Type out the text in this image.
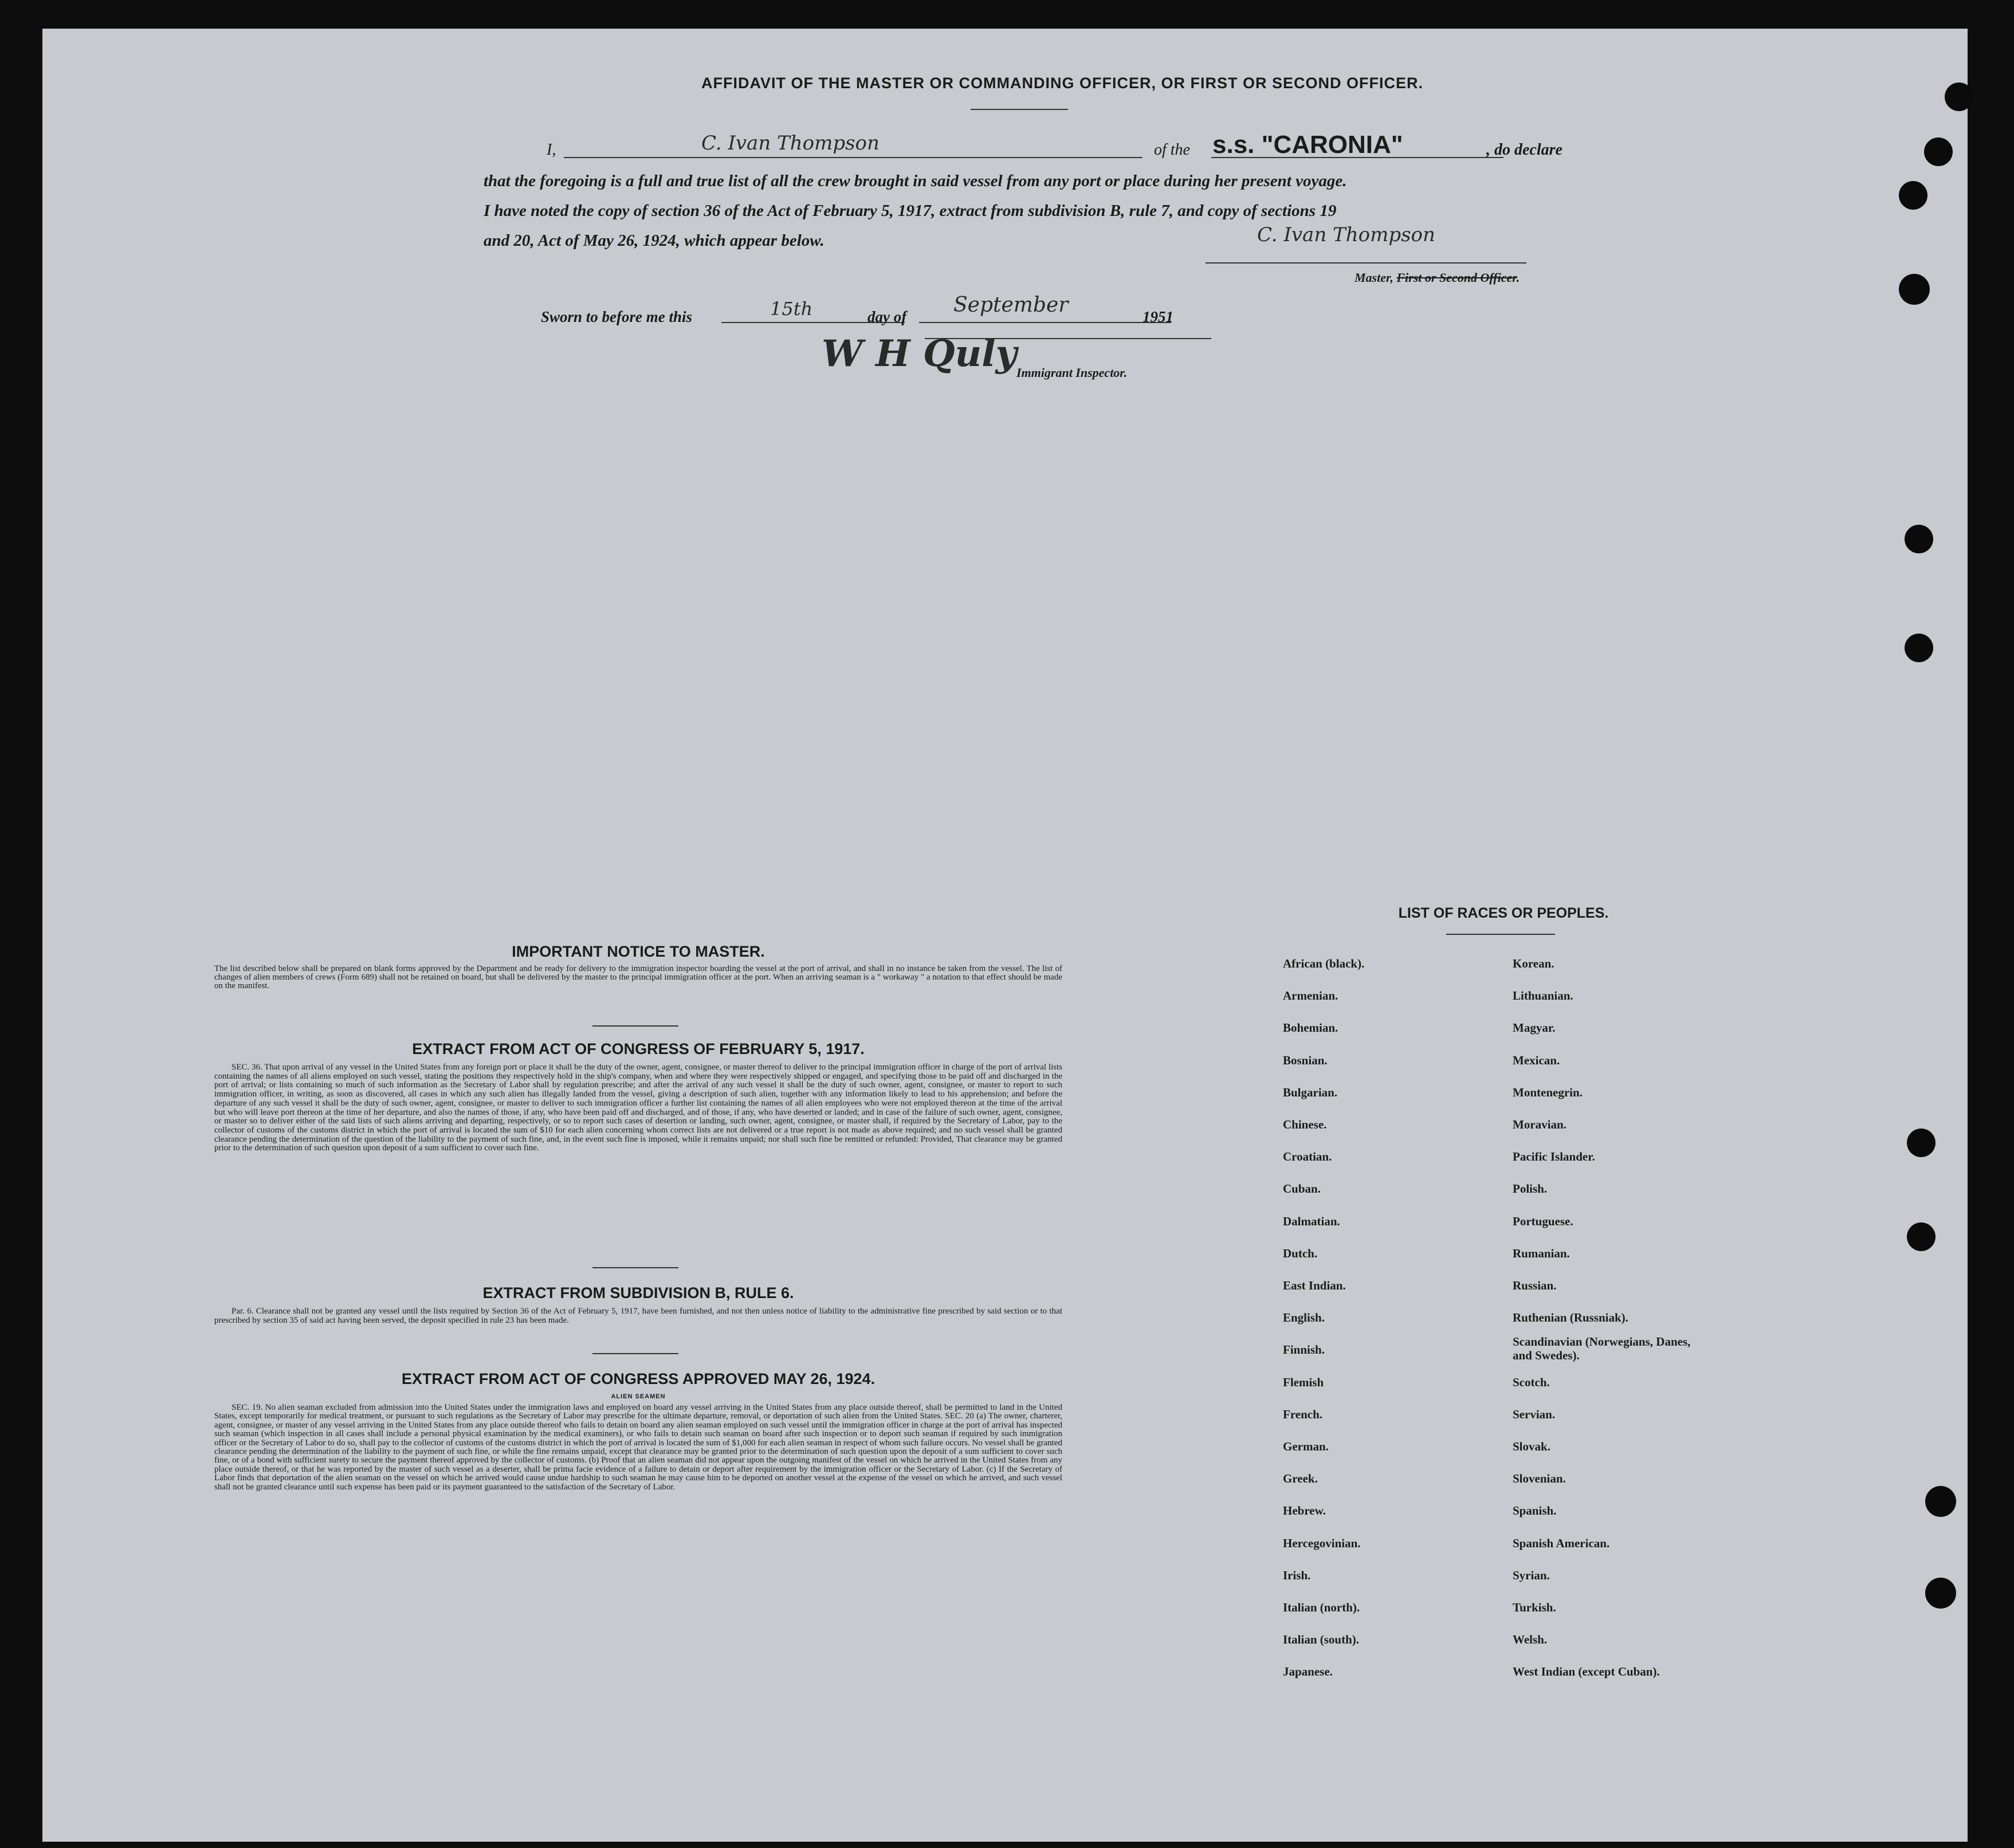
AFFIDAVIT OF THE MASTER OR COMMANDING OFFICER, OR FIRST OR SECOND OFFICER.
I,	C. Ivan Thompson	of the s.s. "CARONIA"	, do declare
that the foregoing is a full and true list of all the crew brought in said vessel from any port or place during her present voyage.
I have noted the copy of section 36 of the Act of February 5, 1917, extract from subdivision B, rule 7, and copy of sections 19
and 20, Act of May 26, 1924, which appear below.	C. Ivan Thompson
Master, First or Second Officer.
Sworn to before me this	15th	day of September	1951
W H Quly Immigrant Inspector.
IMPORTANT NOTICE TO MASTER.
The list described below shall be prepared on blank forms approved by the Department and be ready for delivery to the immigration inspector boarding the vessel at the port of arrival, and shall in no instance be taken from the vessel. The list of changes of alien members of crews (Form 689) shall not be retained on board, but shall be delivered by the master to the principal immigration officer at the port. When an arriving seaman is a " workaway " a notation to that effect should be made on the manifest.
EXTRACT FROM ACT OF CONGRESS OF FEBRUARY 5, 1917.
SEC. 36. That upon arrival of any vessel in the United States from any foreign port or place it shall be the duty of the owner, agent, consignee, or master thereof to deliver to the principal immigration officer in charge of the port of arrival lists containing the names of all aliens employed on such vessel, stating the positions they respectively hold in the ship's company, when and where they were respectively shipped or engaged, and specifying those to be paid off and discharged in the port of arrival; or lists containing so much of such information as the Secretary of Labor shall by regulation prescribe; and after the arrival of any such vessel it shall be the duty of such owner, agent, consignee, or master to report to such immigration officer, in writing, as soon as discovered, all cases in which any such alien has illegally landed from the vessel, giving a description of such alien, together with any information likely to lead to his apprehension; and before the departure of any such vessel it shall be the duty of such owner, agent, consignee, or master to deliver to such immigration officer a further list containing the names of all alien employees who were not employed thereon at the time of the arrival but who will leave port thereon at the time of her departure, and also the names of those, if any, who have been paid off and discharged, and of those, if any, who have deserted or landed; and in case of the failure of such owner, agent, consignee, or master so to deliver either of the said lists of such aliens arriving and departing, respectively, or so to report such cases of desertion or landing, such owner, agent, consignee, or master shall, if required by the Secretary of Labor, pay to the collector of customs of the customs district in which the port of arrival is located the sum of $10 for each alien concerning whom correct lists are not delivered or a true report is not made as above required; and no such vessel shall be granted clearance pending the determination of the question of the liability to the payment of such fine, and, in the event such fine is imposed, while it remains unpaid; nor shall such fine be remitted or refunded: Provided, That clearance may be granted prior to the determination of such question upon deposit of a sum sufficient to cover such fine.
EXTRACT FROM SUBDIVISION B, RULE 6.
Par. 6. Clearance shall not be granted any vessel until the lists required by Section 36 of the Act of February 5, 1917, have been furnished, and not then unless notice of liability to the administrative fine prescribed by said section or to that prescribed by section 35 of said act having been served, the deposit specified in rule 23 has been made.
EXTRACT FROM ACT OF CONGRESS APPROVED MAY 26, 1924.
ALIEN SEAMEN
SEC. 19. No alien seaman excluded from admission into the United States under the immigration laws and employed on board any vessel arriving in the United States from any place outside thereof, shall be permitted to land in the United States, except temporarily for medical treatment, or pursuant to such regulations as the Secretary of Labor may prescribe for the ultimate departure, removal, or deportation of such alien from the United States. SEC. 20 (a) The owner, charterer, agent, consignee, or master of any vessel arriving in the United States from any place outside thereof who fails to detain on board any alien seaman employed on such vessel until the immigration officer in charge at the port of arrival has inspected such seaman (which inspection in all cases shall include a personal physical examination by the medical examiners), or who fails to detain such seaman on board after such inspection or to deport such seaman if required by such immigration officer or the Secretary of Labor to do so, shall pay to the collector of customs of the customs district in which the port of arrival is located the sum of $1,000 for each alien seaman in respect of whom such failure occurs. No vessel shall be granted clearance pending the determination of the liability to the payment of such fine, or while the fine remains unpaid, except that clearance may be granted prior to the determination of such question upon the deposit of a sum sufficient to cover such fine, or of a bond with sufficient surety to secure the payment thereof approved by the collector of customs. (b) Proof that an alien seaman did not appear upon the outgoing manifest of the vessel on which he arrived in the United States from any place outside thereof, or that he was reported by the master of such vessel as a deserter, shall be prima facie evidence of a failure to detain or deport after requirement by the immigration officer or the Secretary of Labor. (c) If the Secretary of Labor finds that deportation of the alien seaman on the vessel on which he arrived would cause undue hardship to such seaman he may cause him to be deported on another vessel at the expense of the vessel on which he arrived, and such vessel shall not be granted clearance until such expense has been paid or its payment guaranteed to the satisfaction of the Secretary of Labor.
LIST OF RACES OR PEOPLES.
African (black).
Armenian.
Bohemian.
Bosnian.
Bulgarian.
Chinese.
Croatian.
Cuban.
Dalmatian.
Dutch.
East Indian.
English.
Finnish.
Flemish
French.
German.
Greek.
Hebrew.
Hercegovinian.
Irish.
Italian (north).
Italian (south).
Japanese.
Korean.
Lithuanian.
Magyar.
Mexican.
Montenegrin.
Moravian.
Pacific Islander.
Polish.
Portuguese.
Rumanian.
Russian.
Ruthenian (Russniak).
Scandinavian (Norwegians, Danes, and Swedes).
Scotch.
Servian.
Slovak.
Slovenian.
Spanish.
Spanish American.
Syrian.
Turkish.
Welsh.
West Indian (except Cuban).
